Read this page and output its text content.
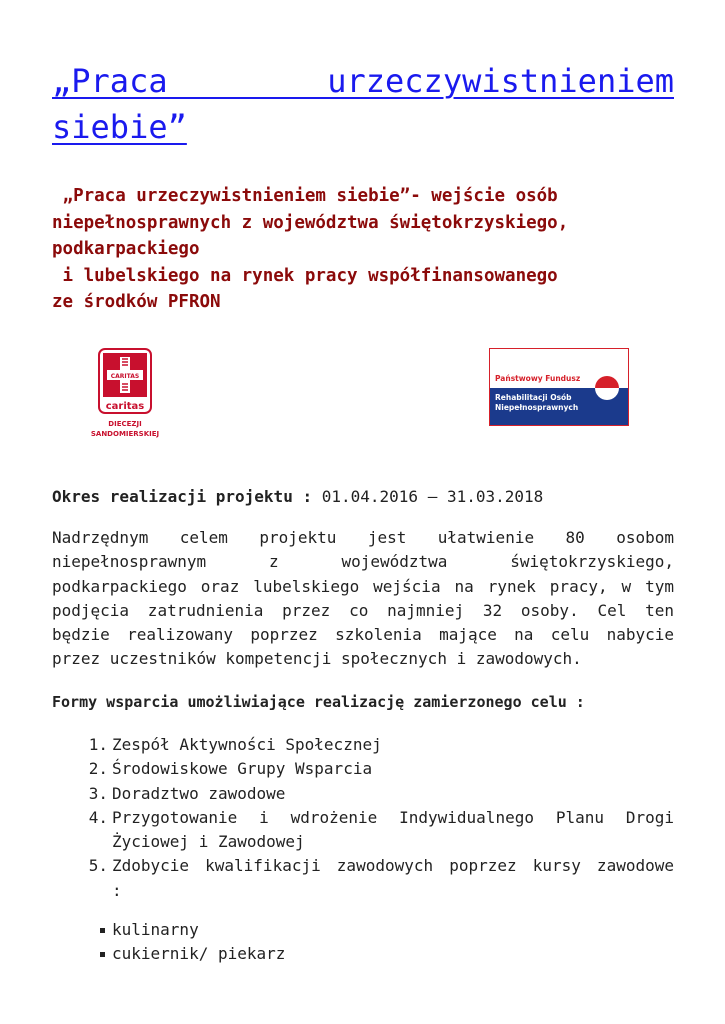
„Praca urzeczywistnieniem siebie”
„Praca urzeczywistnieniem siebie”- wejście osób
niepełnosprawnych z województwa świętokrzyskiego,
podkarpackiego
i lubelskiego na rynek pracy współfinansowanego
ze środków PFRON
CARITAS
caritas
DIECEZJI
SANDOMIERSKIEJ
Państwowy Fundusz
Rehabilitacji Osób
Niepełnosprawnych
Okres realizacji projektu : 01.04.2016 – 31.03.2018
Nadrzędnym celem projektu jest ułatwienie 80 osobom
niepełnosprawnym z województwa świętokrzyskiego,
podkarpackiego oraz lubelskiego wejścia na rynek pracy, w tym
podjęcia zatrudnienia przez co najmniej 32 osoby. Cel ten
będzie realizowany poprzez szkolenia mające na celu nabycie
przez uczestników kompetencji społecznych i zawodowych.
Formy wsparcia umożliwiające realizację zamierzonego celu :
1. Zespół Aktywności Społecznej
2. Środowiskowe Grupy Wsparcia
3. Doradztwo zawodowe
4. Przygotowanie i wdrożenie Indywidualnego Planu Drogi
Życiowej i Zawodowej
5. Zdobycie kwalifikacji zawodowych poprzez kursy zawodowe
:
kulinarny
cukiernik/ piekarz
